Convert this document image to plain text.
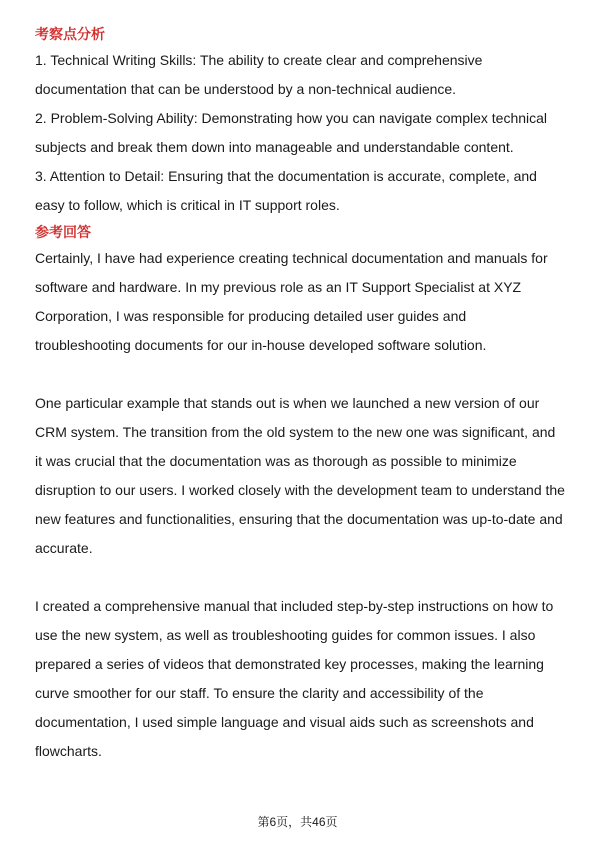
考察点分析

1. Technical Writing Skills: The ability to create clear and comprehensive documentation that can be understood by a non-technical audience.

2. Problem-Solving Ability: Demonstrating how you can navigate complex technical subjects and break them down into manageable and understandable content.

3. Attention to Detail: Ensuring that the documentation is accurate, complete, and easy to follow, which is critical in IT support roles.

参考回答

Certainly, I have had experience creating technical documentation and manuals for software and hardware. In my previous role as an IT Support Specialist at XYZ Corporation, I was responsible for producing detailed user guides and troubleshooting documents for our in-house developed software solution.

One particular example that stands out is when we launched a new version of our CRM system. The transition from the old system to the new one was significant, and it was crucial that the documentation was as thorough as possible to minimize disruption to our users. I worked closely with the development team to understand the new features and functionalities, ensuring that the documentation was up-to-date and accurate.

I created a comprehensive manual that included step-by-step instructions on how to use the new system, as well as troubleshooting guides for common issues. I also prepared a series of videos that demonstrated key processes, making the learning curve smoother for our staff. To ensure the clarity and accessibility of the documentation, I used simple language and visual aids such as screenshots and flowcharts.

第6页，共46页
